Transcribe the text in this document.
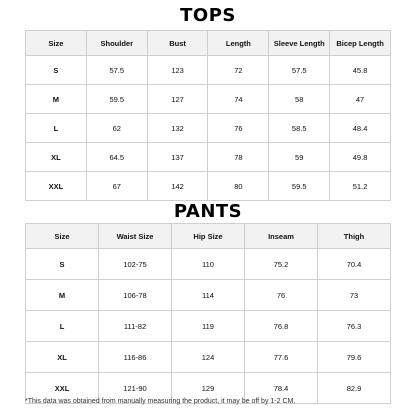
TOPS
Size	Shoulder	Bust	Length	Sleeve Length	Bicep Length
S	57.5	123	72	57.5	45.8
M	59.5	127	74	58	47
L	62	132	76	58.5	48.4
XL	64.5	137	78	59	49.8
XXL	67	142	80	59.5	51.2
PANTS
Size	Waist Size	Hip Size	Inseam	Thigh
S	102-75	110	75.2	70.4
M	106-78	114	76	73
L	111-82	119	76.8	76.3
XL	116-86	124	77.6	79.6
XXL	121-90	129	78.4	82.9
*This data was obtained from manually measuring the product, it may be off by 1-2 CM.
